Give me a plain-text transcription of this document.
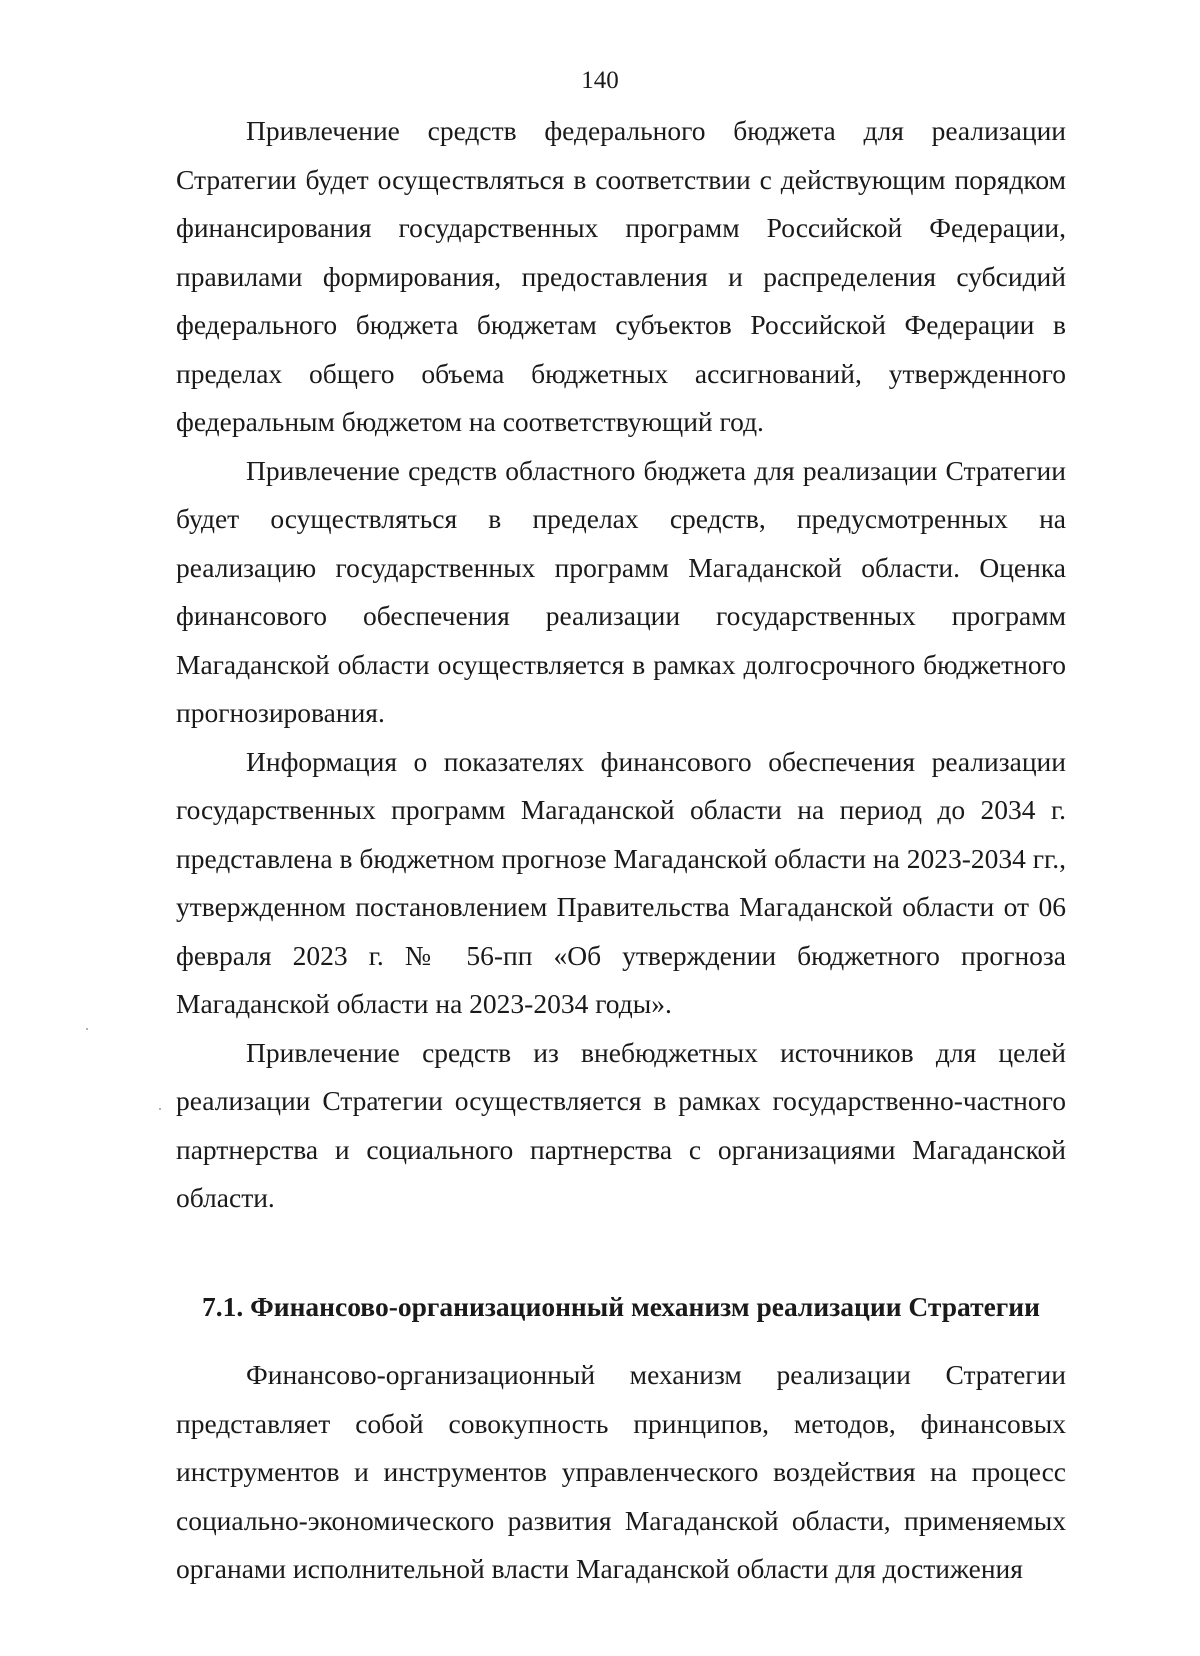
140

Привлечение средств федерального бюджета для реализации Стратегии будет осуществляться в соответствии с действующим порядком финансирования государственных программ Российской Федерации, правилами формирования, предоставления и распределения субсидий федерального бюджета бюджетам субъектов Российской Федерации в пределах общего объема бюджетных ассигнований, утвержденного федеральным бюджетом на соответствующий год.

Привлечение средств областного бюджета для реализации Стратегии будет осуществляться в пределах средств, предусмотренных на реализацию государственных программ Магаданской области. Оценка финансового обеспечения реализации государственных программ Магаданской области осуществляется в рамках долгосрочного бюджетного прогнозирования.

Информация о показателях финансового обеспечения реализации государственных программ Магаданской области на период до 2034 г. представлена в бюджетном прогнозе Магаданской области на 2023-2034 гг., утвержденном постановлением Правительства Магаданской области от 06 февраля 2023 г. № 56-пп «Об утверждении бюджетного прогноза Магаданской области на 2023-2034 годы».

Привлечение средств из внебюджетных источников для целей реализации Стратегии осуществляется в рамках государственно-частного партнерства и социального партнерства с организациями Магаданской области.

7.1. Финансово-организационный механизм реализации Стратегии

Финансово-организационный механизм реализации Стратегии представляет собой совокупность принципов, методов, финансовых инструментов и инструментов управленческого воздействия на процесс социально-экономического развития Магаданской области, применяемых органами исполнительной власти Магаданской области для достижения
